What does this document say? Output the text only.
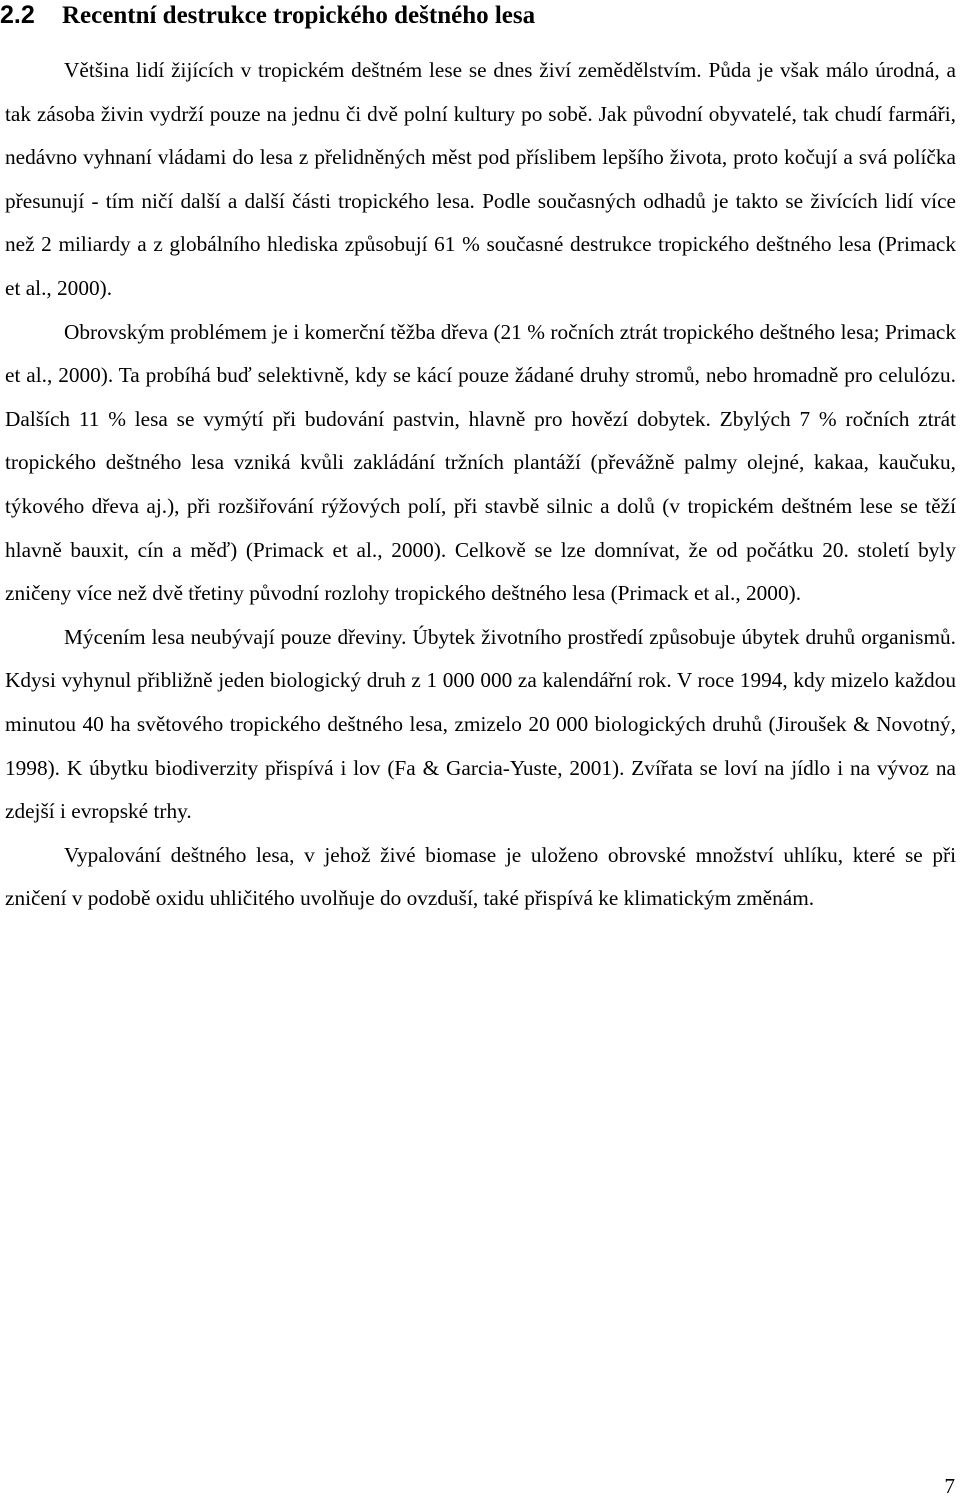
2.2 Recentní destrukce tropického deštného lesa

Většina lidí žijících v tropickém deštném lese se dnes živí zemědělstvím. Půda je však málo úrodná, a tak zásoba živin vydrží pouze na jednu či dvě polní kultury po sobě. Jak původní obyvatelé, tak chudí farmáři, nedávno vyhnaní vládami do lesa z přelidněných měst pod příslibem lepšího života, proto kočují a svá políčka přesunují - tím ničí další a další části tropického lesa. Podle současných odhadů je takto se živících lidí více než 2 miliardy a z globálního hlediska způsobují 61 % současné destrukce tropického deštného lesa (Primack et al., 2000).

Obrovským problémem je i komerční těžba dřeva (21 % ročních ztrát tropického deštného lesa; Primack et al., 2000). Ta probíhá buď selektivně, kdy se kácí pouze žádané druhy stromů, nebo hromadně pro celulózu. Dalších 11 % lesa se vymýtí při budování pastvin, hlavně pro hovězí dobytek. Zbylých 7 % ročních ztrát tropického deštného lesa vzniká kvůli zakládání tržních plantáží (převážně palmy olejné, kakaa, kaučuku, týkového dřeva aj.), při rozšiřování rýžových polí, při stavbě silnic a dolů (v tropickém deštném lese se těží hlavně bauxit, cín a měď) (Primack et al., 2000). Celkově se lze domnívat, že od počátku 20. století byly zničeny více než dvě třetiny původní rozlohy tropického deštného lesa (Primack et al., 2000).

Mýcením lesa neubývají pouze dřeviny. Úbytek životního prostředí způsobuje úbytek druhů organismů. Kdysi vyhynul přibližně jeden biologický druh z 1 000 000 za kalendářní rok. V roce 1994, kdy mizelo každou minutou 40 ha světového tropického deštného lesa, zmizelo 20 000 biologických druhů (Jiroušek & Novotný, 1998). K úbytku biodiverzity přispívá i lov (Fa & Garcia-Yuste, 2001). Zvířata se loví na jídlo i na vývoz na zdejší i evropské trhy.

Vypalování deštného lesa, v jehož živé biomase je uloženo obrovské množství uhlíku, které se při zničení v podobě oxidu uhličitého uvolňuje do ovzduší, také přispívá ke klimatickým změnám.

7
